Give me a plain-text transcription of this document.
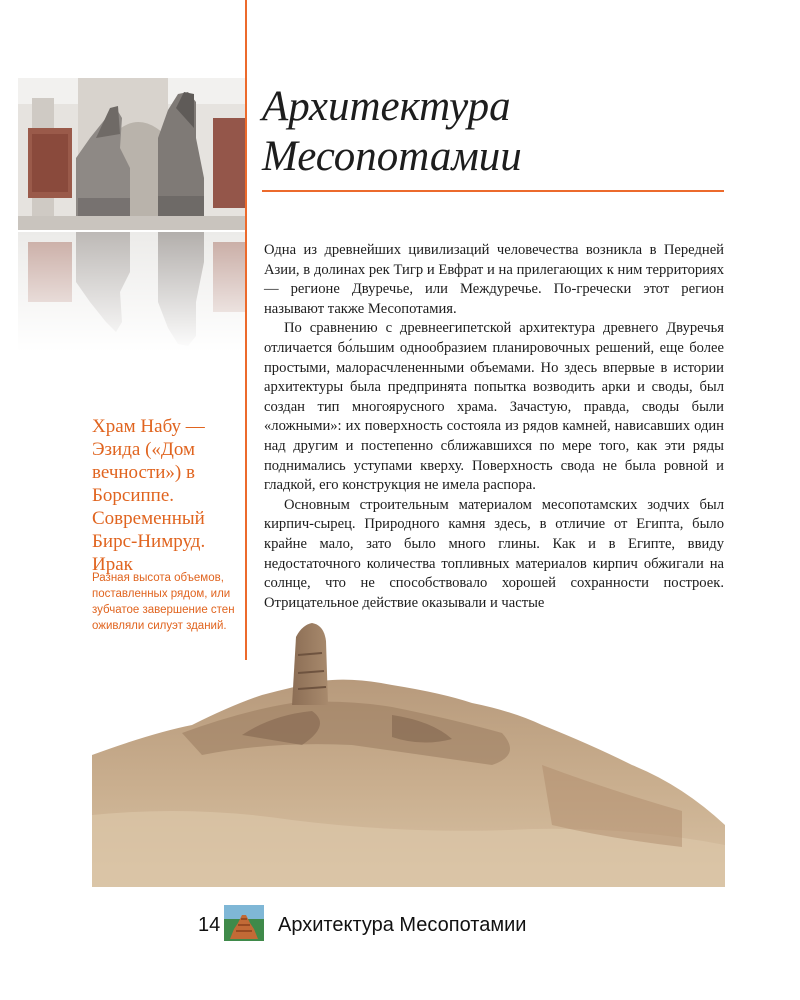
Храм Набу — Эзида («Дом вечности») в Борсиппе. Современный Бирс-Нимруд. Ирак
Разная высота объемов, поставленных рядом, или зубчатое завершение стен оживляли силуэт зданий.
Архитектура Месопотамии

Одна из древнейших цивилизаций человечества возникла в Передней Азии, в долинах рек Тигр и Евфрат и на прилегающих к ним территориях — регионе Двуречье, или Междуречье. По-гречески этот регион называют также Месопотамия.

По сравнению с древнеегипетской архитектура древнего Двуречья отличается бо́льшим однообразием планировочных решений, еще более простыми, малорасчлененными объемами. Но здесь впервые в истории архитектуры была предпринята попытка возводить арки и своды, был создан тип многоярусного храма. Зачастую, правда, своды были «ложными»: их поверхность состояла из рядов камней, нависавших один над другим и постепенно сближавшихся по мере того, как эти ряды поднимались уступами кверху. Поверхность свода не была ровной и гладкой, его конструкция не имела распора.

Основным строительным материалом месопотамских зодчих был кирпич-сырец. Природного камня здесь, в отличие от Египта, было крайне мало, зато было много глины. Как и в Египте, ввиду недостаточного количества топливных материалов кирпич обжигали на солнце, что не способствовало хорошей сохранности построек. Отрицательное действие оказывали и частые

14	Архитектура Месопотамии
